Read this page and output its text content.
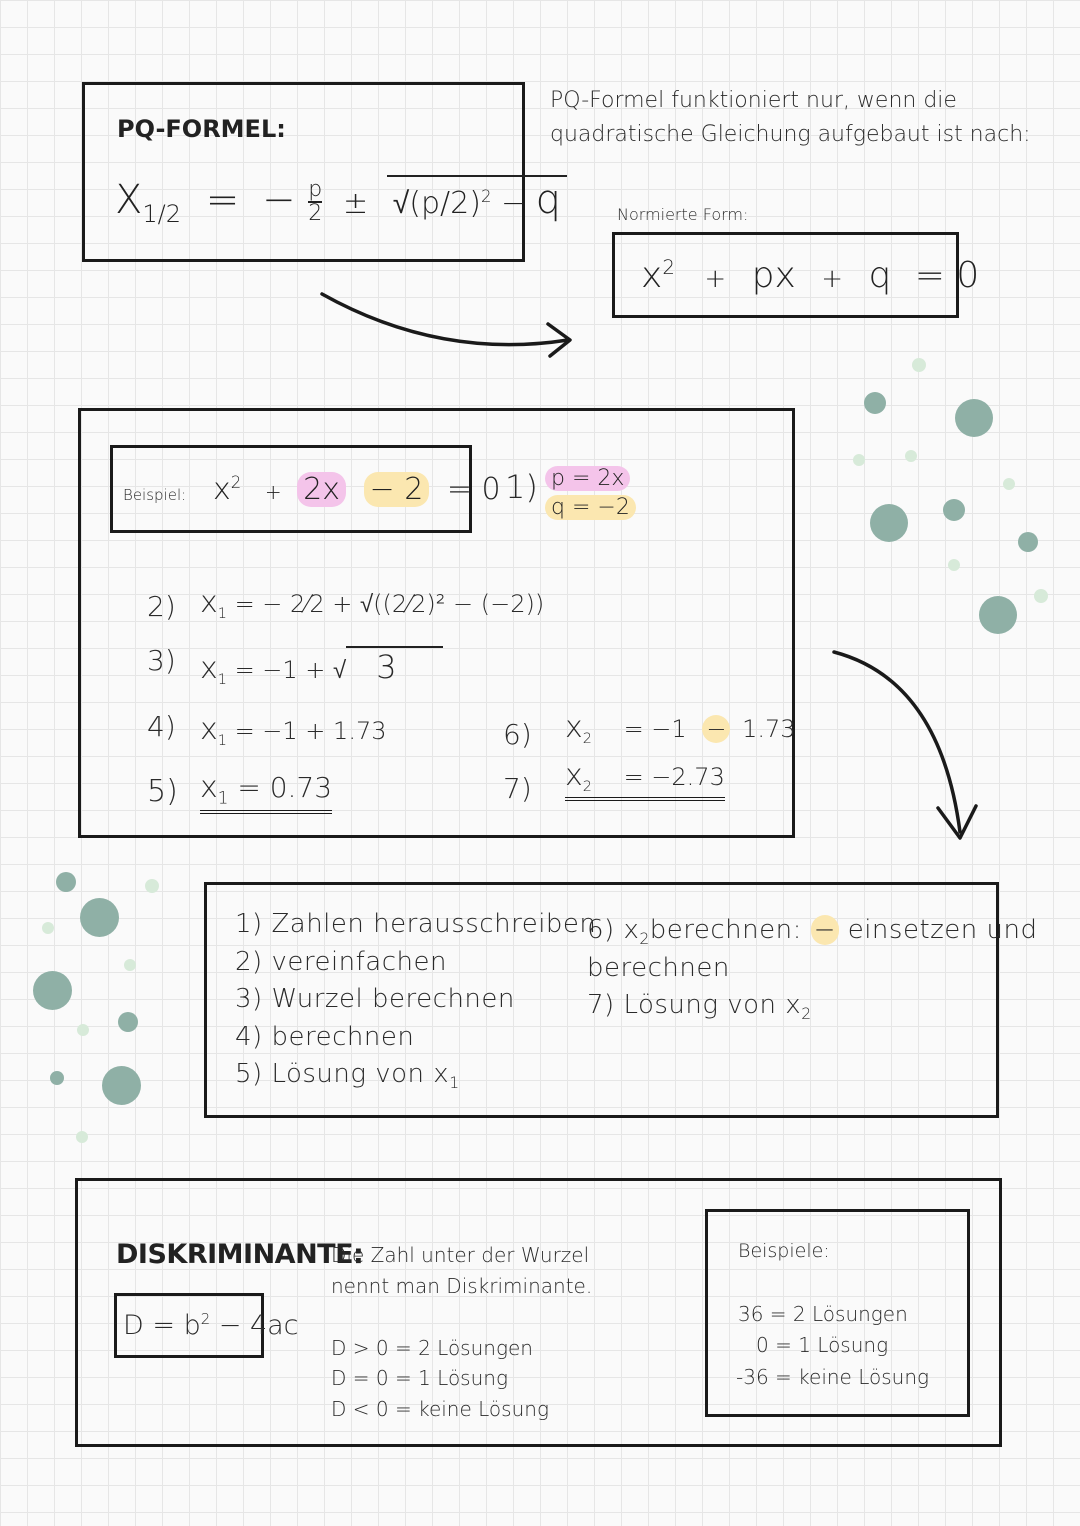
PQ-FORMEL:
$X_{1/2}$ = − $\frac{p}{2} \pm √(p/2)^2 - q$
PQ-Formel funktioniert nur, wenn die
quadratische Gleichung aufgebaut ist nach:
Normierte Form:
$x^2$ + px + q = 0
Beispiel: $x^2 + 2x - 2 = 0$ 1) p = 2x
q = −2
2) $x_1$ = − 2⁄2 + √((2⁄2)² − (−2))
3) $x_1 = -1$ + √ 3
4) $x_1 = -1 + 1.73$
5) $x_1 = 0.73$
6) $x_2 = -1 - 1.73$
7) $x_2 = -2.73$
1) Zahlen herausschreiben
2) vereinfachen
3) Wurzel berechnen
4) berechnen
5) Lösung von $x_1$
6) $x_2berechnen$: − einsetzen und
berechnen
7) Lösung von $x_2$
DISKRIMINANTE:
$D = b^2 - 4ac$
Die Zahl unter der Wurzel
nennt man Diskriminante.
D > 0 = 2 Lösungen
D = 0 = 1 Lösung
D < 0 = keine Lösung
Beispiele:
36 = 2 Lösungen
0 = 1 Lösung
-36 = keine Lösung
